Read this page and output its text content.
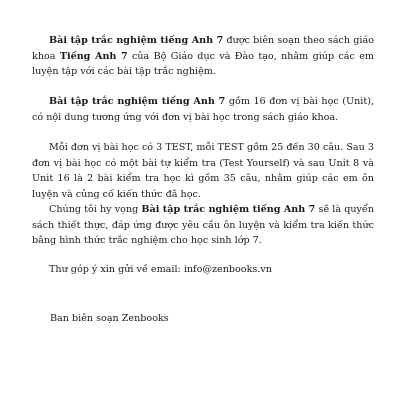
Bài tập trắc nghiệm tiếng Anh 7 được biên soạn theo sách giáo khoa Tiếng Anh 7 của Bộ Giáo dục và Đào tạo, nhằm giúp các em luyện tập với các bài tập trắc nghiệm.

Bài tập trắc nghiệm tiếng Anh 7 gồm 16 đơn vị bài học (Unit), có nội dung tương ứng với đơn vị bài học trong sách giáo khoa.

Mỗi đơn vị bài học có 3 TEST, mỗi TEST gồm 25 đến 30 câu. Sau 3 đơn vị bài học có một bài tự kiểm tra (Test Yourself) và sau Unit 8 và Unit 16 là 2 bài kiểm tra học kì gồm 35 câu, nhằm giúp các em ôn luyện và củng cố kiến thức đã học.

Chúng tôi hy vọng Bài tập trắc nghiệm tiếng Anh 7 sẽ là quyển sách thiết thực, đáp ứng được yêu cầu ôn luyện và kiểm tra kiến thức bằng hình thức trắc nghiệm cho học sinh lớp 7.

Thư góp ý xin gửi về email: info@zenbooks.vn

Ban biên soạn Zenbooks
